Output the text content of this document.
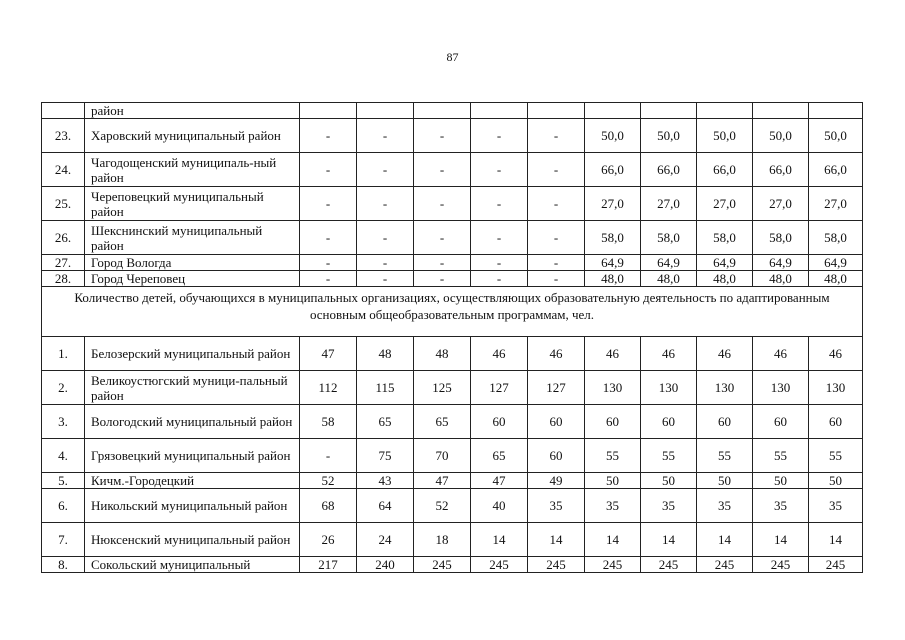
87
	район										
23.	Харовский муниципальный район	-	-	-	-	-	50,0	50,0	50,0	50,0	50,0
24.	Чагодощенский муниципаль-ный район	-	-	-	-	-	66,0	66,0	66,0	66,0	66,0
25.	Череповецкий муниципальный район	-	-	-	-	-	27,0	27,0	27,0	27,0	27,0
26.	Шекснинский муниципальный район	-	-	-	-	-	58,0	58,0	58,0	58,0	58,0
27.	Город Вологда	-	-	-	-	-	64,9	64,9	64,9	64,9	64,9
28.	Город Череповец	-	-	-	-	-	48,0	48,0	48,0	48,0	48,0
Количество детей, обучающихся в муниципальных организациях, осуществляющих образовательную деятельность по адаптированным основным общеобразовательным программам, чел.											
1.	Белозерский муниципальный район	47	48	48	46	46	46	46	46	46	46
2.	Великоустюгский муници-пальный район	112	115	125	127	127	130	130	130	130	130
3.	Вологодский муниципальный район	58	65	65	60	60	60	60	60	60	60
4.	Грязовецкий муниципальный район	-	75	70	65	60	55	55	55	55	55
5.	Кичм.-Городецкий	52	43	47	47	49	50	50	50	50	50
6.	Никольский муниципальный район	68	64	52	40	35	35	35	35	35	35
7.	Нюксенский муниципальный район	26	24	18	14	14	14	14	14	14	14
8.	Сокольский муниципальный	217	240	245	245	245	245	245	245	245	245
